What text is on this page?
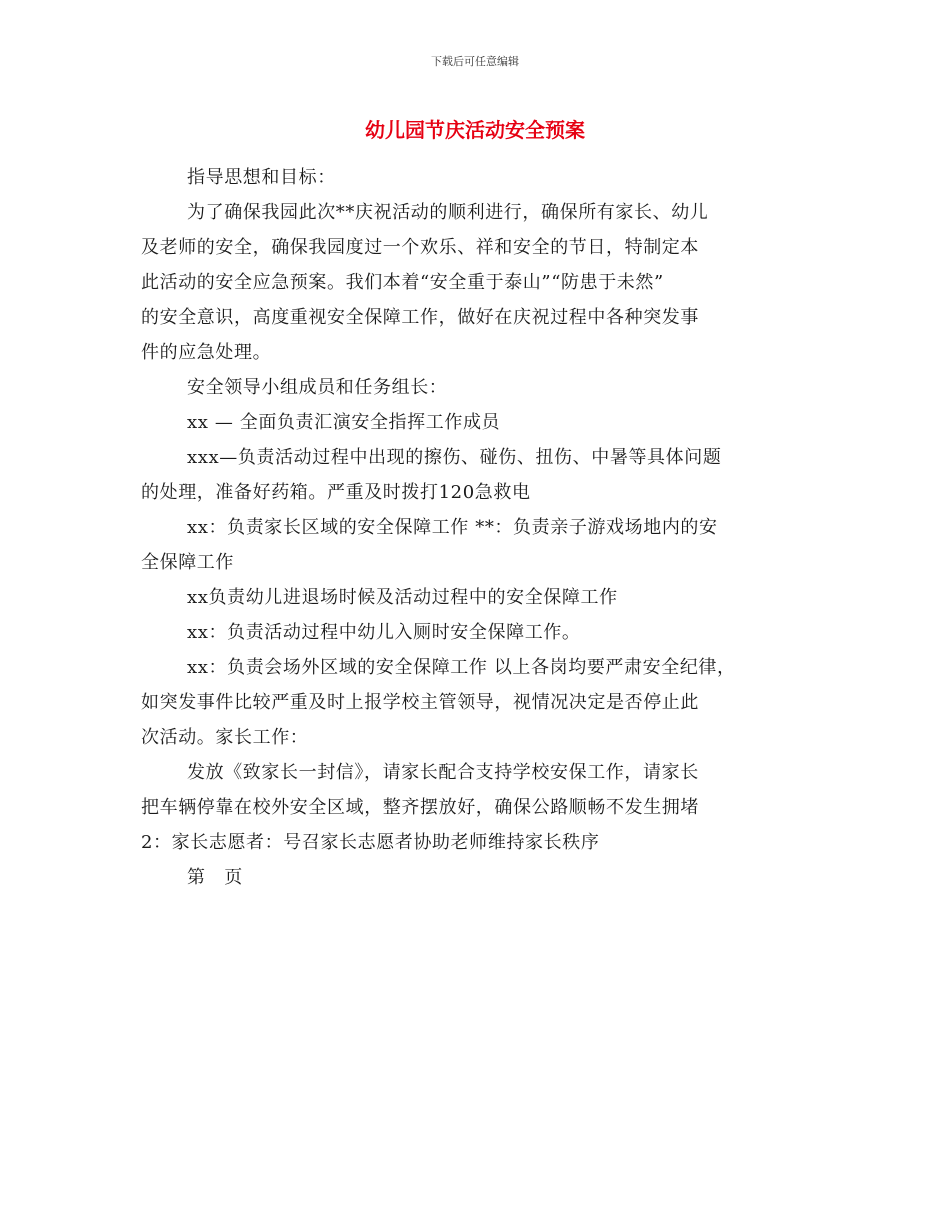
下载后可任意编辑
幼儿园节庆活动安全预案
指导思想和目标：
为了确保我园此次**庆祝活动的顺利进行，确保所有家长、幼儿
及老师的安全，确保我园度过一个欢乐、祥和安全的节日，特制定本
此活动的安全应急预案。我们本着“安全重于泰山”“防患于未然”
的安全意识，高度重视安全保障工作，做好在庆祝过程中各种突发事
件的应急处理。
安全领导小组成员和任务组长：
xx — 全面负责汇演安全指挥工作成员
xxx—负责活动过程中出现的擦伤、碰伤、扭伤、中暑等具体问题
的处理，准备好药箱。严重及时拨打120急救电
xx：负责家长区域的安全保障工作 **：负责亲子游戏场地内的安
全保障工作
xx负责幼儿进退场时候及活动过程中的安全保障工作
xx：负责活动过程中幼儿入厕时安全保障工作。
xx：负责会场外区域的安全保障工作 以上各岗均要严肃安全纪律，
如突发事件比较严重及时上报学校主管领导，视情况决定是否停止此
次活动。家长工作：
发放《致家长一封信》，请家长配合支持学校安保工作，请家长
把车辆停靠在校外安全区域，整齐摆放好，确保公路顺畅不发生拥堵
2：家长志愿者：号召家长志愿者协助老师维持家长秩序
第　页
